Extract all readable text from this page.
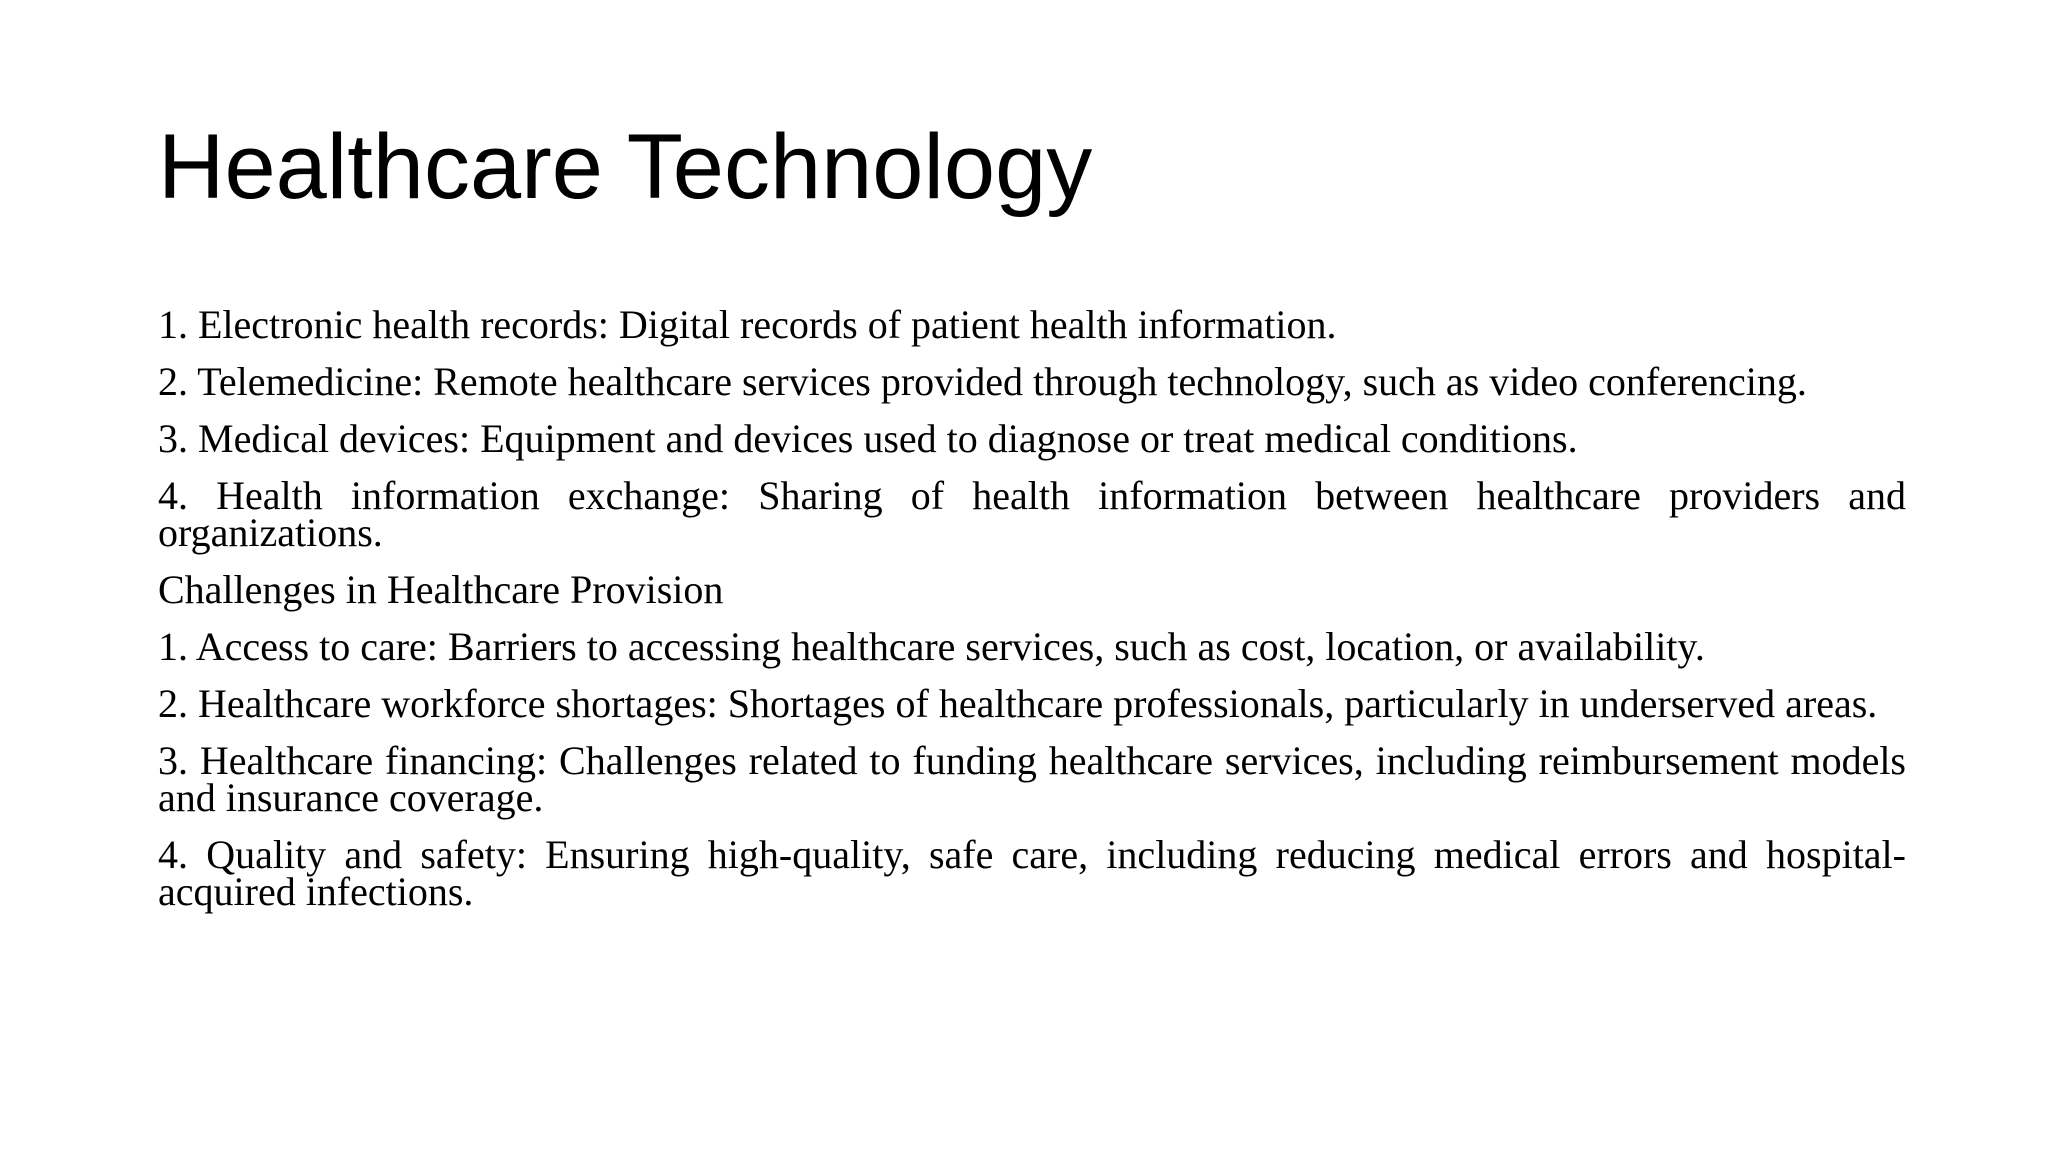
Healthcare Technology

1. Electronic health records: Digital records of patient health information.

2. Telemedicine: Remote healthcare services provided through technology, such as video conferencing.

3. Medical devices: Equipment and devices used to diagnose or treat medical conditions.

4. Health information exchange: Sharing of health information between healthcare providers and organizations.

Challenges in Healthcare Provision

1. Access to care: Barriers to accessing healthcare services, such as cost, location, or availability.

2. Healthcare workforce shortages: Shortages of healthcare professionals, particularly in underserved areas.

3. Healthcare financing: Challenges related to funding healthcare services, including reimbursement models and insurance coverage.

4. Quality and safety: Ensuring high-quality, safe care, including reducing medical errors and hospital-acquired infections.
